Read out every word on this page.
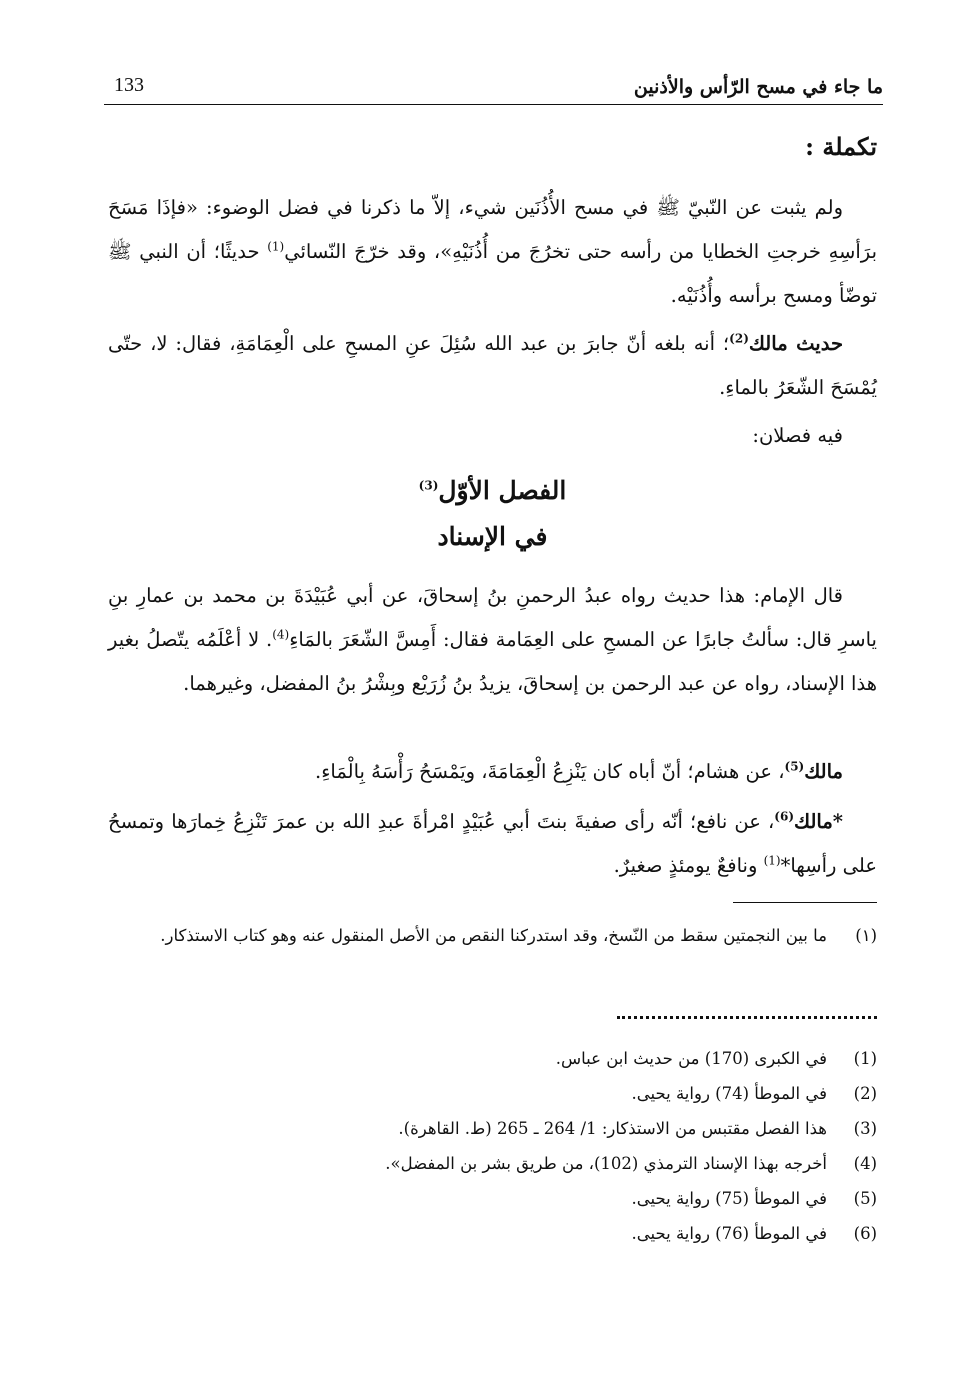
ما جاء في مسح الرّأس والأذنين
133
تكملة :
ولم يثبت عن النّبيّ ﷺ في مسح الأُذُنَين شيء، إلاّ ما ذكرنا في فضل الوضوء: «فإذَا مَسَحَ برَأسِهِ خرجتِ الخطايا من رأسه حتى تخرُجَ من أُذُنَيْهِ»، وقد خرّجَ النّسائي$^{(1)}$ حديثًا؛ أن النبي ﷺ توضّأ ومسح برأسه وأُذُنَيْه.
حديث مالك$^{(2)}$؛ أنه بلغه أنّ جابرَ بن عبد الله سُئِلَ عنِ المسحِ على الْعِمَامَةِ، فقال: لا، حتّى يُمْسَحَ الشّعَرُ بالماءِ.
فيه فصلان:
الفصل الأوّل$^{(3)}$
في الإسناد
قال الإمام: هذا حديث رواه عبدُ الرحمنِ بنُ إسحاقَ، عن أبي عُبَيْدَةَ بن محمد بن عمارِ بنِ ياسرِ قال: سألتُ جابرًا عن المسحِ على العِمَامة فقال: أَمِسَّ الشّعَرَ بالمَاءِ$^{(4)}$. لا أعْلَمُه يتّصلُ بغير هذا الإسناد، رواه عن عبد الرحمن بن إسحاقَ، يزيدُ بنُ زُرَيْع وبِشْرُ بنُ المفضل، وغيرهما.
مالك$^{(5)}$، عن هشام؛ أنّ أباه كان يَنْزِعُ الْعِمَامَةَ، ويَمْسَحُ رَأْسَهُ بِالْمَاءِ.
*مالك$^{(6)}$، عن نافع؛ أنّه رأى صفيةَ بنتَ أبي عُبَيْدٍ امْرأةَ عبدِ الله بن عمرَ تَنْزِعُ خِمارَها وتمسحُ على رأسِها*$^{(1)}$ ونافعٌ يومئذٍ صغيرٌ.
(١)ما بين النجمتين سقط من النّسخ، وقد استدركنا النقص من الأصل المنقول عنه وهو كتاب الاستذكار.
(1)في الكبرى (170) من حديث ابن عباس.
(2)في الموطأ (74) رواية يحيى.
(3)هذا الفصل مقتبس من الاستذكار: 1/ 264 ـ 265 (ط. القاهرة).
(4)أخرجه بهذا الإسناد الترمذي (102)، من طريق بشر بن المفضل».
(5)في الموطأ (75) رواية يحيى.
(6)في الموطأ (76) رواية يحيى.
